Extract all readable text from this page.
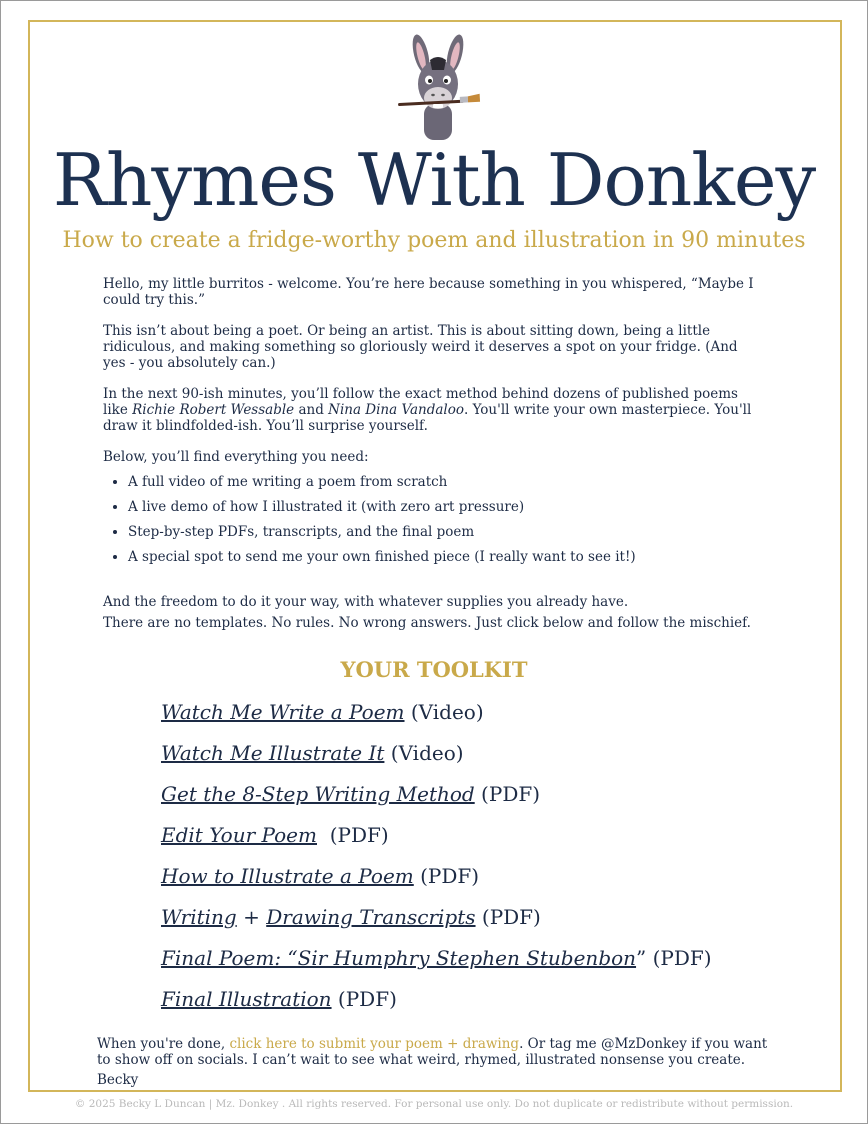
Rhymes With Donkey
How to create a fridge-worthy poem and illustration in 90 minutes

Hello, my little burritos - welcome. You’re here because something in you whispered, “Maybe I could try this.”

This isn’t about being a poet. Or being an artist. This is about sitting down, being a little ridiculous, and making something so gloriously weird it deserves a spot on your fridge. (And yes - you absolutely can.)

In the next 90-ish minutes, you’ll follow the exact method behind dozens of published poems like Richie Robert Wessable and Nina Dina Vandaloo. You'll write your own masterpiece. You'll draw it blindfolded-ish. You’ll surprise yourself.

Below, you’ll find everything you need:

• A full video of me writing a poem from scratch
• A live demo of how I illustrated it (with zero art pressure)
• Step-by-step PDFs, transcripts, and the final poem
• A special spot to send me your own finished piece (I really want to see it!)
And the freedom to do it your way, with whatever supplies you already have.
There are no templates. No rules. No wrong answers. Just click below and follow the mischief.
YOUR TOOLKIT
Watch Me Write a Poem (Video)
Watch Me Illustrate It (Video)
Get the 8-Step Writing Method (PDF)
Edit Your Poem  (PDF)
How to Illustrate a Poem (PDF)
Writing + Drawing Transcripts (PDF)
Final Poem: “Sir Humphry Stephen Stubenbon” (PDF)
Final Illustration (PDF)
When you're done, click here to submit your poem + drawing. Or tag me @MzDonkey if you want to show off on socials. I can’t wait to see what weird, rhymed, illustrated nonsense you create.
Becky
© 2025 Becky L Duncan | Mz. Donkey . All rights reserved. For personal use only. Do not duplicate or redistribute without permission.
